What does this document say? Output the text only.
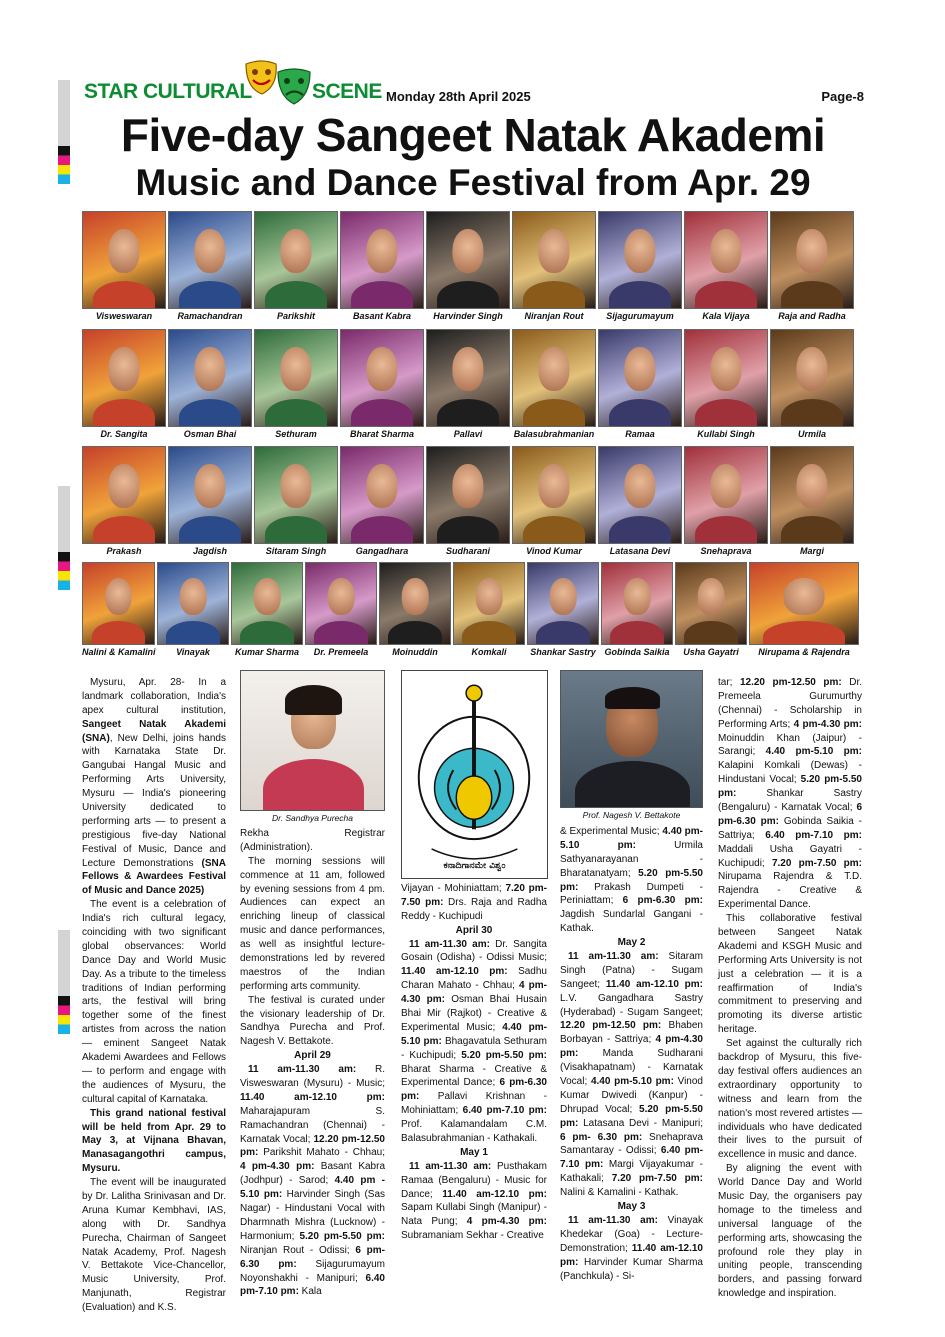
STAR CULTURAL	SCENE Monday 28th April 2025	Page-8
Five-day Sangeet Natak Akademi
Music and Dance Festival from Apr. 29
Visweswaran	Ramachandran	Parikshit	Basant Kabra	Harvinder Singh	Niranjan Rout	Sijagurumayum	Kala Vijaya	Raja and Radha
Dr. Sangita	Osman Bhai	Sethuram	Bharat Sharma	Pallavi	Balasubrahmanian	Ramaa	Kullabi Singh	Urmila
Prakash	Jagdish	Sitaram Singh	Gangadhara	Sudharani	Vinod Kumar	Latasana Devi	Snehaprava	Margi
Nalini & Kamalini	Vinayak	Kumar Sharma	Dr. Premeela	Moinuddin	Komkali	Shankar Sastry Gobinda Saikia	Usha Gayatri	Nirupama & Rajendra

Mysuru, Apr. 28- In a landmark collaboration, India's apex cultural institution, Sangeet Natak Akademi (SNA), New Delhi, joins hands with Karnataka State Dr. Gangubai Hangal Music and Performing Arts University, Mysuru — India's pioneering University dedicated to performing arts — to present a prestigious five-day National Festival of Music, Dance and Lecture Demonstrations (SNA Fellows & Awardees Festival of Music and Dance 2025)

The event is a celebration of India's rich cultural legacy, coinciding with two significant global observances: World Dance Day and World Music Day. As a tribute to the timeless traditions of Indian performing arts, the festival will bring together some of the finest artistes from across the nation — eminent Sangeet Natak Akademi Awardees and Fellows — to perform and engage with the audiences of Mysuru, the cultural capital of Karnataka.

This grand national festival will be held from Apr. 29 to May 3, at Vijnana Bhavan, Manasagangothri campus, Mysuru.

The event will be inaugurated by Dr. Lalitha Srinivasan and Dr. Aruna Kumar Kembhavi, IAS, along with Dr. Sandhya Purecha, Chairman of Sangeet Natak Academy, Prof. Nagesh V. Bettakote Vice-Chancellor, Music University, Prof. Manjunath, Registrar (Evaluation) and K.S.

Dr. Sandhya Purecha

Rekha Registrar (Administration).

The morning sessions will commence at 11 am, followed by evening sessions from 4 pm. Audiences can expect an enriching lineup of classical music and dance performances, as well as insightful lecture-demonstrations led by revered maestros of the Indian performing arts community.

The festival is curated under the visionary leadership of Dr. Sandhya Purecha and Prof. Nagesh V. Bettakote.

April 29

11 am-11.30 am: R. Visweswaran (Mysuru) - Music; 11.40 am-12.10 pm: Maharajapuram S. Ramachandran (Chennai) - Karnatak Vocal; 12.20 pm-12.50 pm: Parikshit Mahato - Chhau; 4 pm-4.30 pm: Basant Kabra (Jodhpur) - Sarod; 4.40 pm - 5.10 pm: Harvinder Singh (Sas Nagar) - Hindustani Vocal with Dharmnath Mishra (Lucknow) - Harmonium; 5.20 pm-5.50 pm: Niranjan Rout - Odissi; 6 pm-6.30 pm: Sijagurumayum Noyonshakhi - Manipuri; 6.40 pm-7.10 pm: Kala

ಕನಾದಿಗಾನಮೇ ವಿಶ್ವಂ

Vijayan - Mohiniattam; 7.20 pm-7.50 pm: Drs. Raja and Radha Reddy - Kuchipudi

April 30

11 am-11.30 am: Dr. Sangita Gosain (Odisha) - Odissi Music; 11.40 am-12.10 pm: Sadhu Charan Mahato - Chhau; 4 pm-4.30 pm: Osman Bhai Husain Bhai Mir (Rajkot) - Creative & Experimental Music; 4.40 pm-5.10 pm: Bhagavatula Sethuram - Kuchipudi; 5.20 pm-5.50 pm: Bharat Sharma - Creative & Experimental Dance; 6 pm-6.30 pm: Pallavi Krishnan - Mohiniattam; 6.40 pm-7.10 pm: Prof. Kalamandalam C.M. Balasubrahmanian - Kathakali.

May 1

11 am-11.30 am: Pusthakam Ramaa (Bengaluru) - Music for Dance; 11.40 am-12.10 pm: Sapam Kullabi Singh (Manipur) - Nata Pung; 4 pm-4.30 pm: Subramaniam Sekhar - Creative

Prof. Nagesh V. Bettakote

& Experimental Music; 4.40 pm-5.10 pm: Urmila Sathyanarayanan - Bharatanatyam; 5.20 pm-5.50 pm: Prakash Dumpeti - Periniattam; 6 pm-6.30 pm: Jagdish Sundarlal Gangani - Kathak.

May 2

11 am-11.30 am: Sitaram Singh (Patna) - Sugam Sangeet; 11.40 am-12.10 pm: L.V. Gangadhara Sastry (Hyderabad) - Sugam Sangeet; 12.20 pm-12.50 pm: Bhaben Borbayan - Sattriya; 4 pm-4.30 pm: Manda Sudharani (Visakhapatnam) - Karnatak Vocal; 4.40 pm-5.10 pm: Vinod Kumar Dwivedi (Kanpur) - Dhrupad Vocal; 5.20 pm-5.50 pm: Latasana Devi - Manipuri; 6 pm- 6.30 pm: Snehaprava Samantaray - Odissi; 6.40 pm-7.10 pm: Margi Vijayakumar - Kathakali; 7.20 pm-7.50 pm: Nalini & Kamalini - Kathak.

May 3

11 am-11.30 am: Vinayak Khedekar (Goa) - Lecture-Demonstration; 11.40 am-12.10 pm: Harvinder Kumar Sharma (Panchkula) - Si-

tar; 12.20 pm-12.50 pm: Dr. Premeela Gurumurthy (Chennai) - Scholarship in Performing Arts; 4 pm-4.30 pm: Moinuddin Khan (Jaipur) - Sarangi; 4.40 pm-5.10 pm: Kalapini Komkali (Dewas) - Hindustani Vocal; 5.20 pm-5.50 pm: Shankar Sastry (Bengaluru) - Karnatak Vocal; 6 pm-6.30 pm: Gobinda Saikia - Sattriya; 6.40 pm-7.10 pm: Maddali Usha Gayatri - Kuchipudi; 7.20 pm-7.50 pm: Nirupama Rajendra & T.D. Rajendra - Creative & Experimental Dance.

This collaborative festival between Sangeet Natak Akademi and KSGH Music and Performing Arts University is not just a celebration — it is a reaffirmation of India's commitment to preserving and promoting its diverse artistic heritage.

Set against the culturally rich backdrop of Mysuru, this five-day festival offers audiences an extraordinary opportunity to witness and learn from the nation's most revered artistes — individuals who have dedicated their lives to the pursuit of excellence in music and dance.

By aligning the event with World Dance Day and World Music Day, the organisers pay homage to the timeless and universal language of the performing arts, showcasing the profound role they play in uniting people, transcending borders, and passing forward knowledge and inspiration.
